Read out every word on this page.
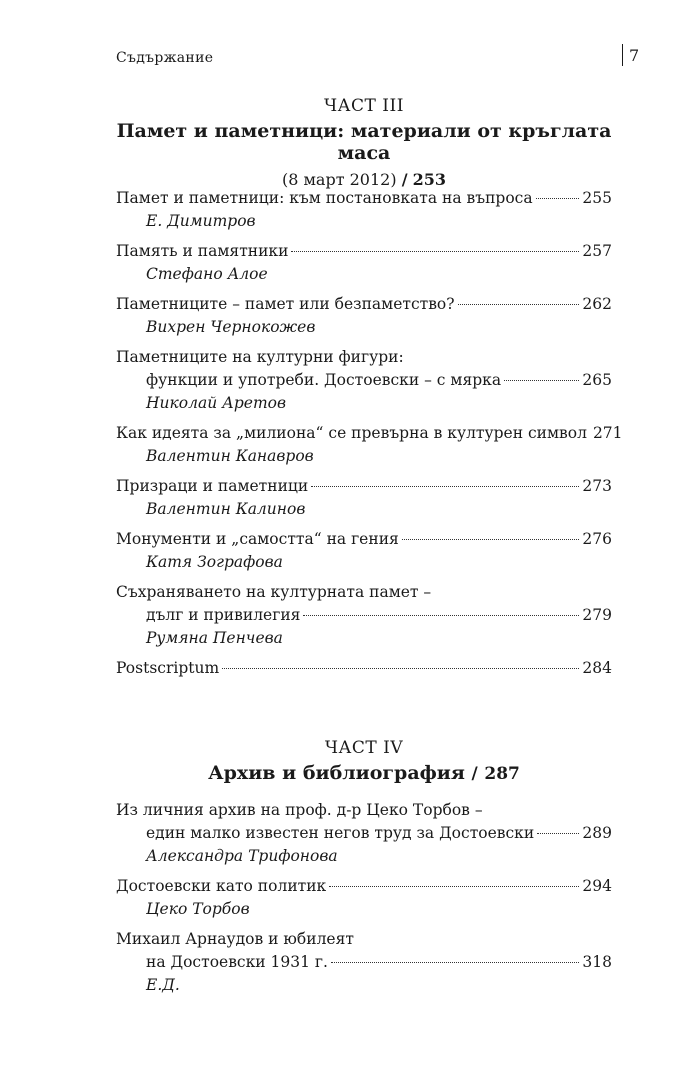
Съдържание	7
ЧАСТ III
Памет и паметници: материали от кръглата маса
(8 март 2012) / 253
Памет и паметници: към постановката на въпроса	255
Е. Димитров
Память и памятники	257
Стефано Алое
Паметниците – памет или безпаметство?	262
Вихрен Чернокожев
Паметниците на културни фигури:
функции и употреби. Достоевски – с мярка	265
Николай Аретов
Как идеята за „милиона“ се превърна в културен символ 271
Валентин Канавров
Призраци и паметници	273
Валентин Калинов
Монументи и „самостта“ на гения	276
Катя Зографова
Съхраняването на културната памет –
дълг и привилегия	279
Румяна Пенчева
Postscriptum	284
ЧАСТ IV
Архив и библиография / 287
Из личния архив на проф. д-р Цеко Торбов –
един малко известен негов труд за Достоевски	289
Александра Трифонова
Достоевски като политик	294
Цеко Торбов
Михаил Арнаудов и юбилеят
на Достоевски 1931 г.	318
Е.Д.
